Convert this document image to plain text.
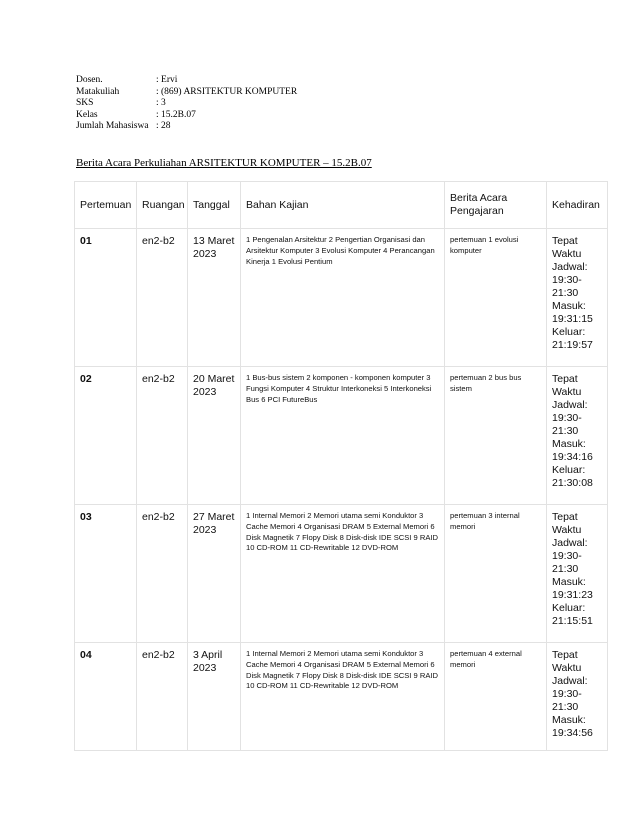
Dosen.	: Ervi
Matakuliah	: (869) ARSITEKTUR KOMPUTER
SKS	: 3
Kelas	: 15.2B.07
Jumlah Mahasiswa : 28
Berita Acara Perkuliahan ARSITEKTUR KOMPUTER – 15.2B.07
Pertemuan	Ruangan	Tanggal	Bahan Kajian	Berita Acara Pengajaran	Kehadiran
01	en2-b2	13 Maret 2023	1 Pengenalan Arsitektur 2 Pengertian Organisasi dan Arsitektur Komputer 3 Evolusi Komputer 4 Perancangan Kinerja 1 Evolusi Pentium	pertemuan 1 evolusi komputer	Tepat Waktu
Jadwal: 19:30-21:30
Masuk: 19:31:15
Keluar: 21:19:57

02	en2-b2	20 Maret 2023	1 Bus-bus sistem 2 komponen - komponen komputer 3 Fungsi Komputer 4 Struktur Interkoneksi 5 Interkoneksi Bus 6 PCI FutureBus	pertemuan 2 bus bus sistem	Tepat Waktu
Jadwal: 19:30-21:30
Masuk: 19:34:16
Keluar: 21:30:08

03	en2-b2	27 Maret 2023	1 Internal Memori 2 Memori utama semi Konduktor 3 Cache Memori 4 Organisasi DRAM 5 External Memori 6 Disk Magnetik 7 Flopy Disk 8 Disk-disk IDE SCSI 9 RAID 10 CD-ROM 11 CD-Rewritable 12 DVD-ROM	pertemuan 3 internal memori	Tepat Waktu
Jadwal: 19:30-21:30
Masuk: 19:31:23
Keluar: 21:15:51

04	en2-b2	3 April 2023	1 Internal Memori 2 Memori utama semi Konduktor 3 Cache Memori 4 Organisasi DRAM 5 External Memori 6 Disk Magnetik 7 Flopy Disk 8 Disk-disk IDE SCSI 9 RAID 10 CD-ROM 11 CD-Rewritable 12 DVD-ROM	pertemuan 4 external memori	Tepat Waktu
Jadwal: 19:30-21:30
Masuk: 19:34:56
